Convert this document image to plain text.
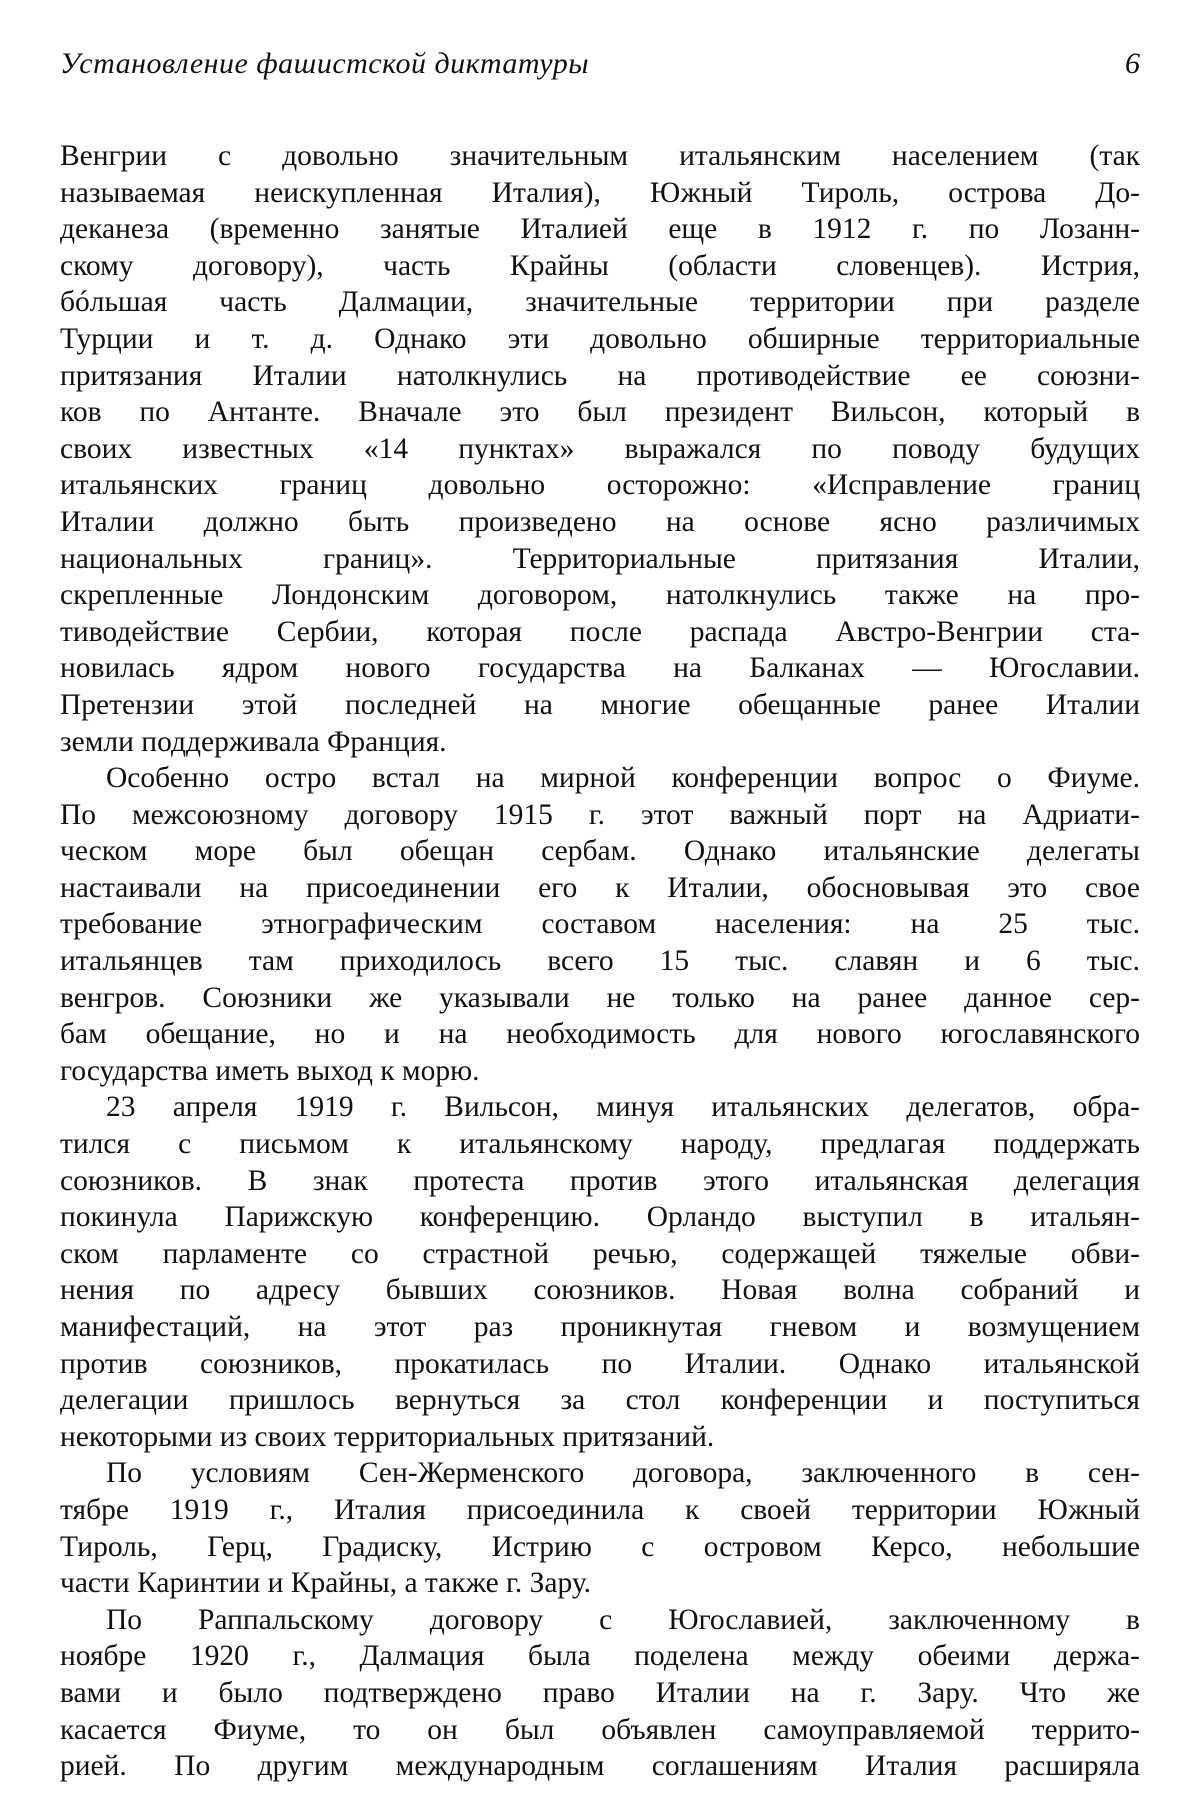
Установление фашистской диктатуры	6

Венгрии с довольно значительным итальянским населением (так
называемая неискупленная Италия), Южный Тироль, острова До-
деканеза (временно занятые Италией еще в 1912 г. по Лозанн-
скому договору), часть Крайны (области словенцев). Истрия,
бóльшая часть Далмации, значительные территории при разделе
Турции и т. д. Однако эти довольно обширные территориальные
притязания Италии натолкнулись на противодействие ее союзни-
ков по Антанте. Вначале это был президент Вильсон, который в
своих известных «14 пунктах» выражался по поводу будущих
итальянских границ довольно осторожно: «Исправление границ
Италии должно быть произведено на основе ясно различимых
национальных границ». Территориальные притязания Италии,
скрепленные Лондонским договором, натолкнулись также на про-
тиводействие Сербии, которая после распада Австро-Венгрии ста-
новилась ядром нового государства на Балканах — Югославии.
Претензии этой последней на многие обещанные ранее Италии
земли поддерживала Франция.

Особенно остро встал на мирной конференции вопрос о Фиуме.
По межсоюзному договору 1915 г. этот важный порт на Адриати-
ческом море был обещан сербам. Однако итальянские делегаты
настаивали на присоединении его к Италии, обосновывая это свое
требование этнографическим составом населения: на 25 тыс.
итальянцев там приходилось всего 15 тыс. славян и 6 тыс.
венгров. Союзники же указывали не только на ранее данное сер-
бам обещание, но и на необходимость для нового югославянского
государства иметь выход к морю.

23 апреля 1919 г. Вильсон, минуя итальянских делегатов, обра-
тился с письмом к итальянскому народу, предлагая поддержать
союзников. В знак протеста против этого итальянская делегация
покинула Парижскую конференцию. Орландо выступил в итальян-
ском парламенте со страстной речью, содержащей тяжелые обви-
нения по адресу бывших союзников. Новая волна собраний и
манифестаций, на этот раз проникнутая гневом и возмущением
против союзников, прокатилась по Италии. Однако итальянской
делегации пришлось вернуться за стол конференции и поступиться
некоторыми из своих территориальных притязаний.

По условиям Сен-Жерменского договора, заключенного в сен-
тябре 1919 г., Италия присоединила к своей территории Южный
Тироль, Герц, Градиску, Истрию с островом Керсо, небольшие
части Каринтии и Крайны, а также г. Зару.

По Раппальскому договору с Югославией, заключенному в
ноябре 1920 г., Далмация была поделена между обеими держа-
вами и было подтверждено право Италии на г. Зару. Что же
касается Фиуме, то он был объявлен самоуправляемой террито-
рией. По другим международным соглашениям Италия расширяла
